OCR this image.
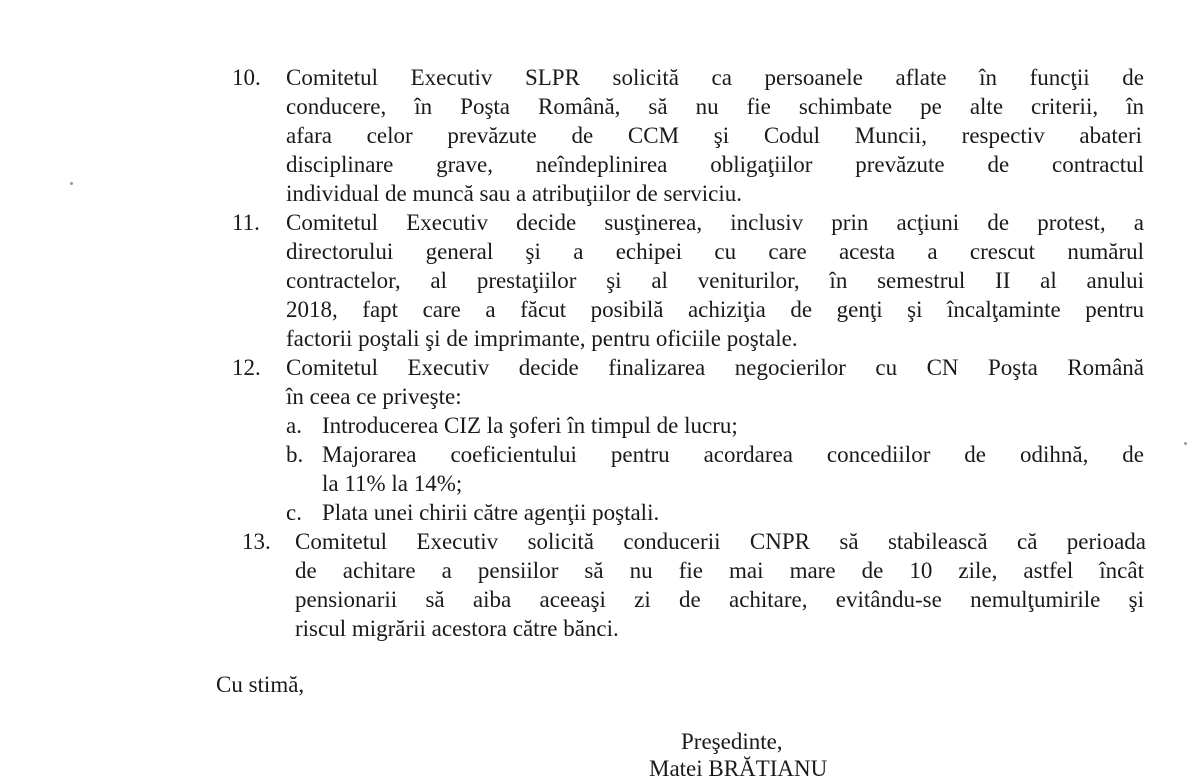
10. Comitetul Executiv SLPR solicită ca persoanele aflate în funcţii de
conducere, în Poşta Română, să nu fie schimbate pe alte criterii, în
afara celor prevăzute de CCM şi Codul Muncii, respectiv abateri
disciplinare grave, neîndeplinirea obligaţiilor prevăzute de contractul
individual de muncă sau a atribuţiilor de serviciu.
11. Comitetul Executiv decide susţinerea, inclusiv prin acţiuni de protest, a
directorului general şi a echipei cu care acesta a crescut numărul
contractelor, al prestaţiilor şi al veniturilor, în semestrul II al anului
2018, fapt care a făcut posibilă achiziţia de genţi şi încalţaminte pentru
factorii poştali şi de imprimante, pentru oficiile poştale.
12. Comitetul Executiv decide finalizarea negocierilor cu CN Poşta Română
în ceea ce priveşte:
a. Introducerea CIZ la şoferi în timpul de lucru;
b. Majorarea coeficientului pentru acordarea concediilor de odihnă, de
la 11% la 14%;
c. Plata unei chirii către agenţii poştali.
13. Comitetul Executiv solicită conducerii CNPR să stabilească că perioada
de achitare a pensiilor să nu fie mai mare de 10 zile, astfel încât
pensionarii să aiba aceeaşi zi de achitare, evitându-se nemulţumirile şi
riscul migrării acestora către bănci.
Cu stimă,
Preşedinte,
Matei BRĂTIANU
